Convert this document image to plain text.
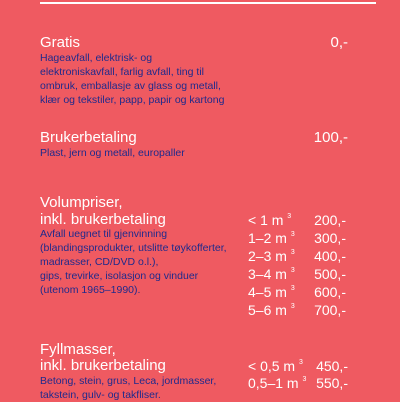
Gratis	0,-
Hageavfall, elektrisk- og
elektroniskavfall, farlig avfall, ting til
ombruk, emballasje av glass og metall,
klær og tekstiler, papp, papir og kartong
Brukerbetaling	100,-
Plast, jern og metall, europaller
Volumpriser,
inkl. brukerbetaling
Avfall uegnet til gjenvinning
(blandingsprodukter, utslitte tøykofferter,
madrasser, CD/DVD o.l.),
gips, trevirke, isolasjon og vinduer
(utenom 1965–1990).
< 1 m $^3$	200,-
1–2 m $^3$	300,-
2–3 m $^3$	400,-
3–4 m $^3$	500,-
4–5 m $^3$	600,-
5–6 m $^3$	700,-
Fyllmasser,
inkl. brukerbetaling
Betong, stein, grus, Leca, jordmasser,
takstein, gulv- og takfliser.
< 0,5 m $^3$ 450,-
0,5–1 m $^3$ 550,-
